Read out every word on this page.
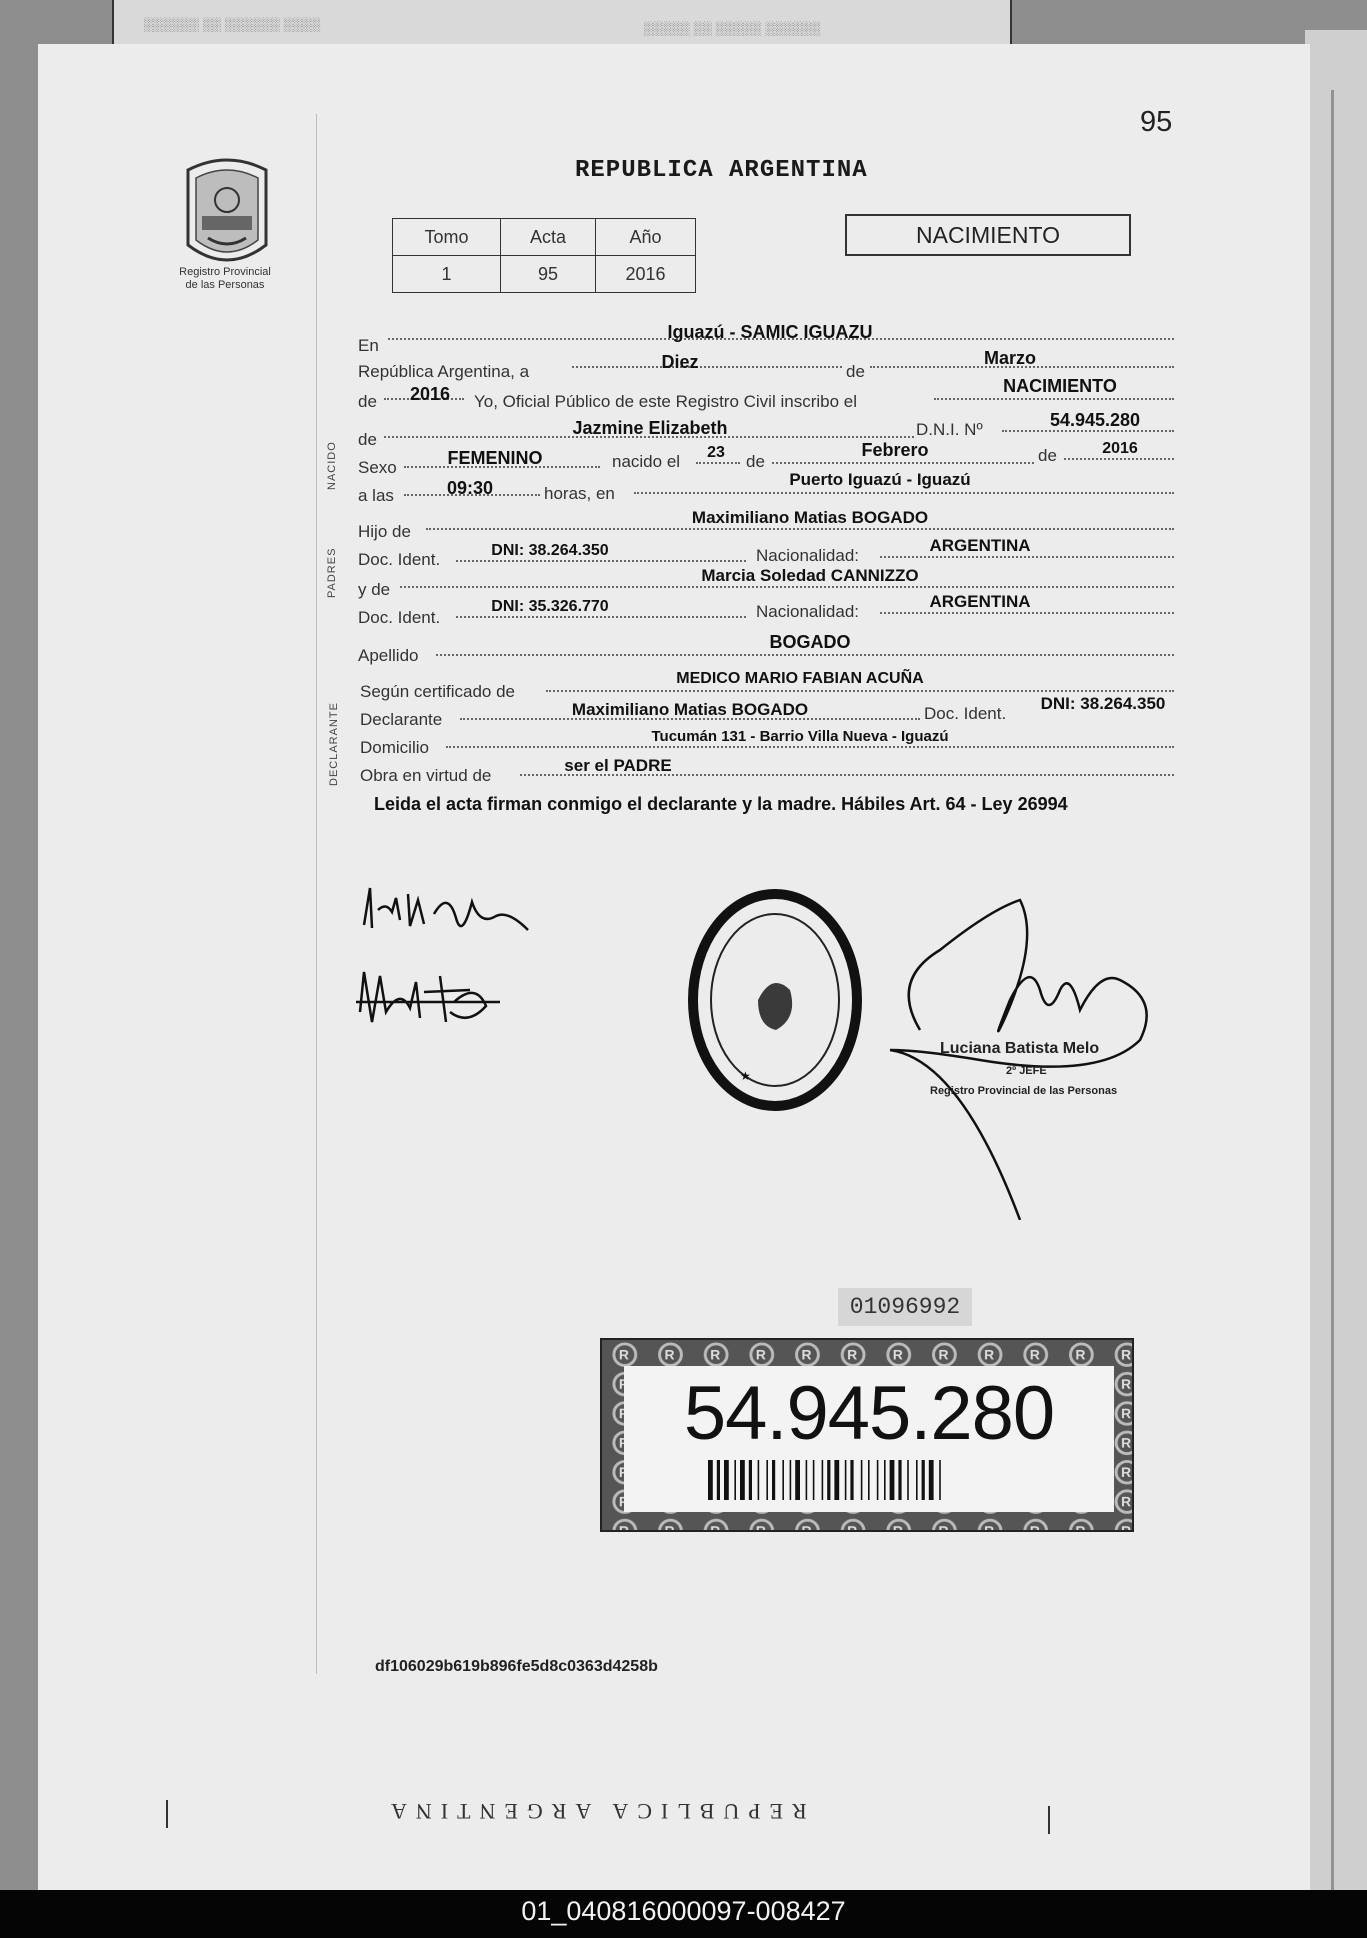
░░░░ ░░░░░░ ░░ ░░░░░░	░░░░░░ ░░░░░ ░░ ░░░░░
95
REPUBLICA ARGENTINA
Registro Provincial
de las Personas
Tomo	Acta	Año
1	95	2016
NACIMIENTO
NACIDO
PADRES
DECLARANTE
En
Iguazú - SAMIC IGUAZU
República Argentina, a	Diez	de
Marzo
de	2016	Yo, Oficial Público de este Registro Civil inscribo el
NACIMIENTO
de
Jazmine Elizabeth	D.N.I. Nº	54.945.280
Sexo	FEMENINO	nacido el	23	de
Febrero	de	2016
a las	09:30	horas, en
Puerto Iguazú - Iguazú
Hijo de
Maximiliano Matias BOGADO
Doc. Ident.	DNI: 38.264.350	Nacionalidad:
ARGENTINA
y de
Marcia Soledad CANNIZZO
Doc. Ident.
DNI: 35.326.770	Nacionalidad:
ARGENTINA
Apellido
BOGADO
Según certificado de
MEDICO MARIO FABIAN ACUÑA
Declarante
Maximiliano Matias BOGADO	Doc. Ident.
DNI: 38.264.350
Domicilio
Tucumán 131 - Barrio Villa Nueva - Iguazú
Obra en virtud de
ser el PADRE
Leida el acta firman conmigo el declarante y la madre. Hábiles Art. 64 - Ley 26994
★
Luciana Batista Melo
2º JEFE
Registro Provincial de las Personas
01096992
54.945.280
df106029b619b896fe5d8c0363d4258b
REPUBLICA ARGENTINA
01_040816000097-008427
